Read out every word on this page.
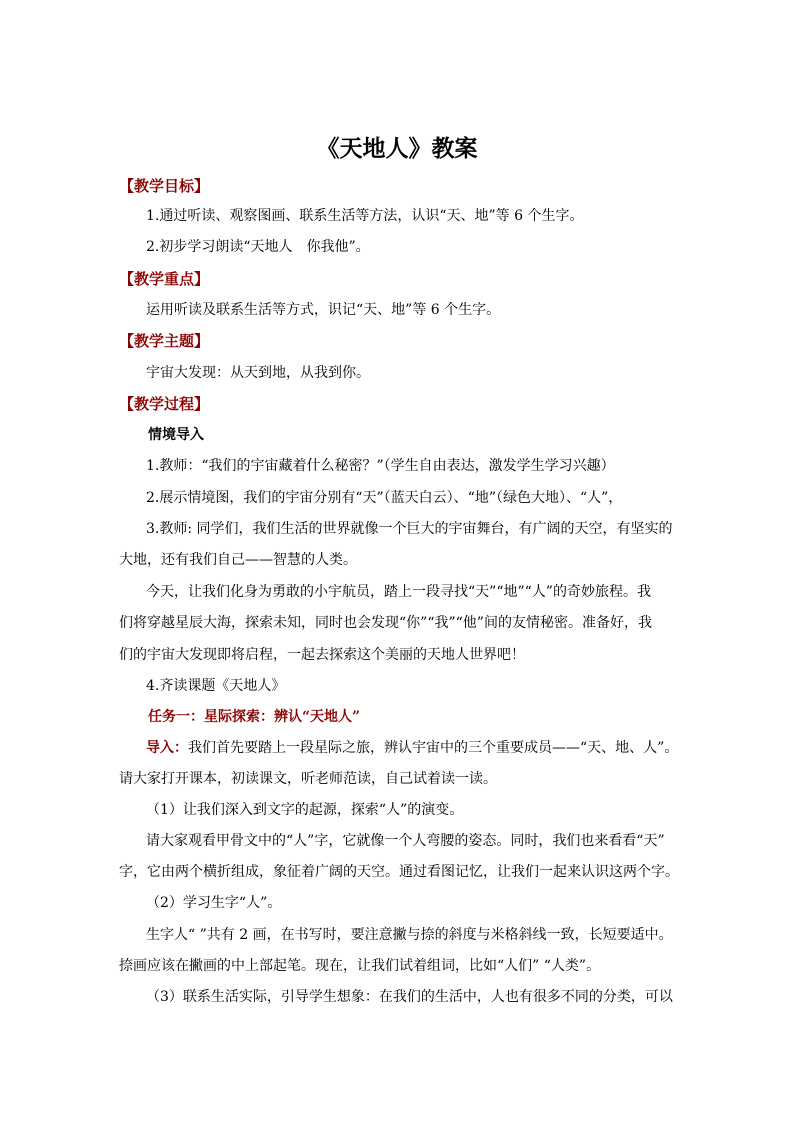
《天地人》教案
【教学目标】
1.通过听读、观察图画、联系生活等方法，认识“天、地”等 6 个生字。
2.初步学习朗读“天地人　你我他”。
【教学重点】
运用听读及联系生活等方式，识记“天、地”等 6 个生字。
【教学主题】
宇宙大发现：从天到地，从我到你。
【教学过程】
情境导入
1.教师：“我们的宇宙藏着什么秘密？”（学生自由表达，激发学生学习兴趣）
2.展示情境图，我们的宇宙分别有“天”（蓝天白云）、“地”（绿色大地）、“人”，
3.教师: 同学们，我们生活的世界就像一个巨大的宇宙舞台，有广阔的天空，有坚实的
大地，还有我们自己——智慧的人类。
今天，让我们化身为勇敢的小宇航员，踏上一段寻找“天”“地”“人”的奇妙旅程。我
们将穿越星辰大海，探索未知，同时也会发现“你”“我”“他”间的友情秘密。准备好，我
们的宇宙大发现即将启程，一起去探索这个美丽的天地人世界吧！
4.齐读课题《天地人》
任务一：星际探索：辨认“天地人”
导入：我们首先要踏上一段星际之旅，辨认宇宙中的三个重要成员——“天、地、人”。
请大家打开课本，初读课文，听老师范读，自己试着读一读。
（1）让我们深入到文字的起源，探索“人”的演变。
请大家观看甲骨文中的“人”字，它就像一个人弯腰的姿态。同时，我们也来看看“天”
字，它由两个横折组成，象征着广阔的天空。通过看图记忆，让我们一起来认识这两个字。
（2）学习生字“人”。
生字人“ ”共有 2 画，在书写时，要注意撇与捺的斜度与米格斜线一致，长短要适中。
捺画应该在撇画的中上部起笔。现在，让我们试着组词，比如“人们” “人类”。
（3）联系生活实际，引导学生想象：在我们的生活中，人也有很多不同的分类，可以
